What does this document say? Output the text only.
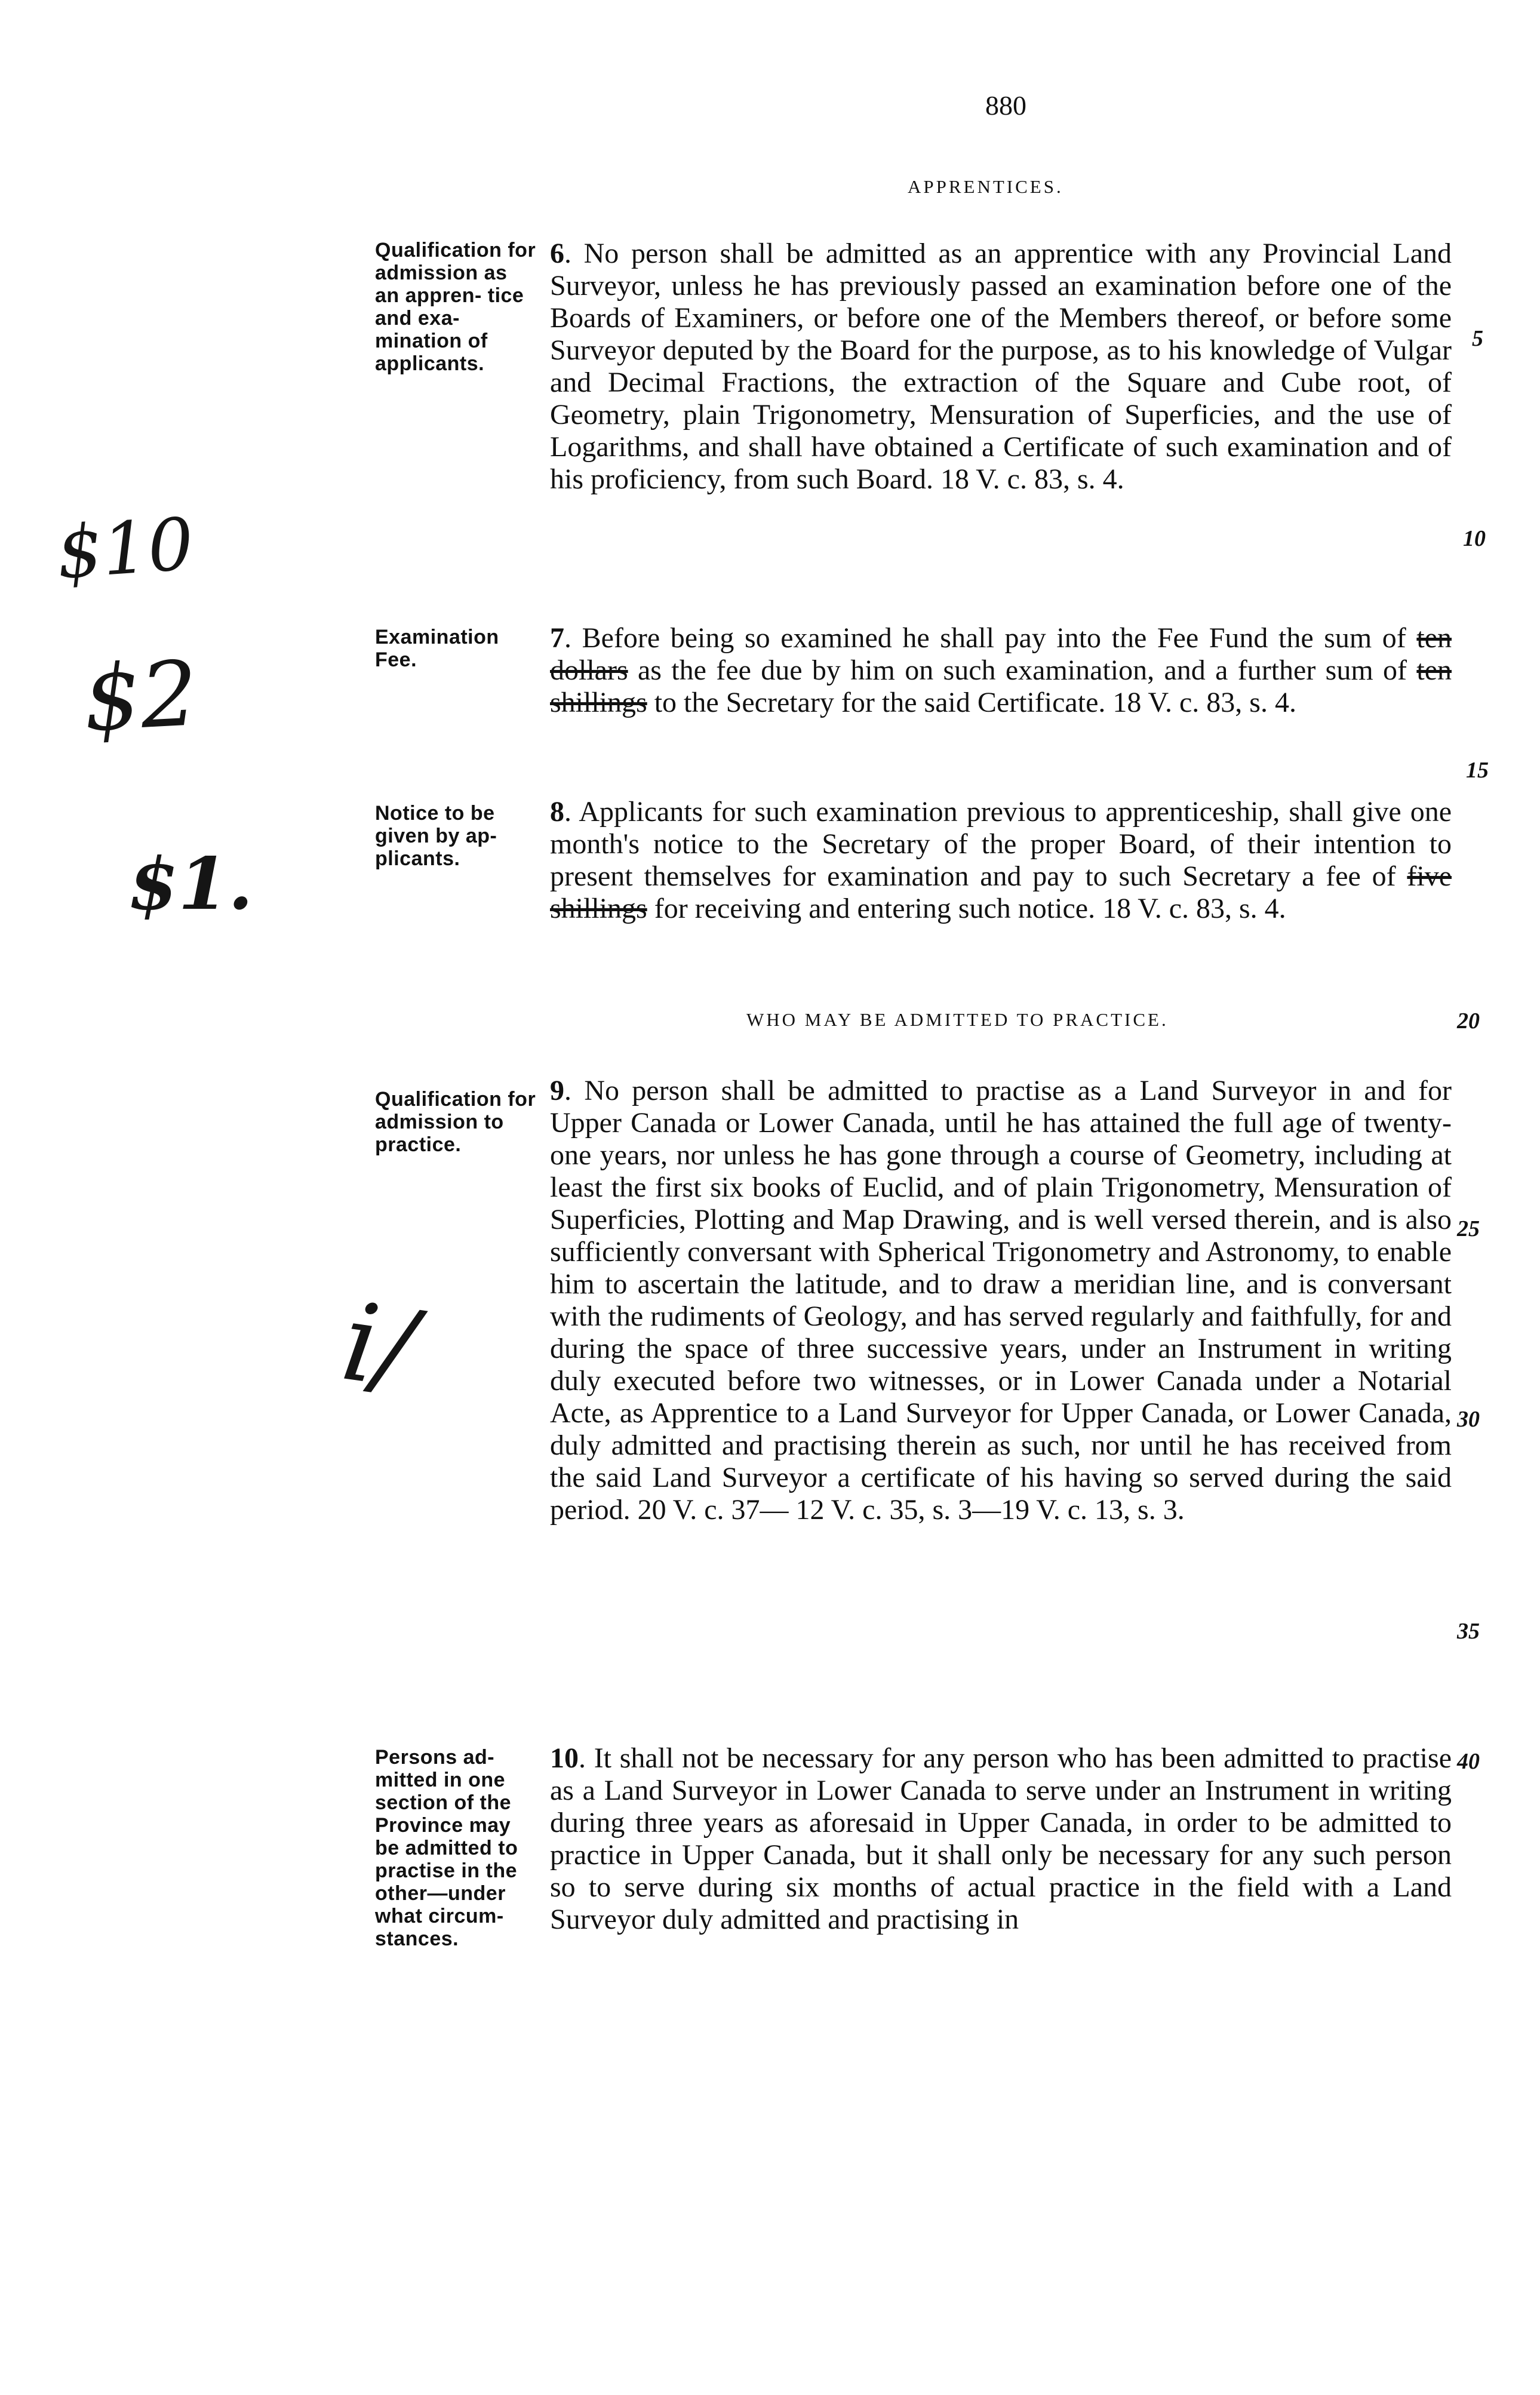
880
APPRENTICES.
WHO MAY BE ADMITTED TO PRACTICE.
Qualification for admission as an appren- tice and exa- mination of applicants.
6. No person shall be admitted as an apprentice with any Provincial Land Surveyor, unless he has previously passed an examination before one of the Boards of Examiners, or before one of the Members thereof, or before some Surveyor deputed by the Board for the purpose, as to his knowledge of Vulgar and Decimal Fractions, the extraction of the Square and Cube root, of Geometry, plain Trigonometry, Mensuration of Superficies, and the use of Logarithms, and shall have obtained a Certificate of such examination and of his proficiency, from such Board. 18 V. c. 83, s. 4.
Examination Fee.
7. Before being so examined he shall pay into the Fee Fund the sum of ten dollars as the fee due by him on such examination, and a further sum of ten shillings to the Secretary for the said Certificate. 18 V. c. 83, s. 4.
Notice to be given by ap- plicants.
8. Applicants for such examination previous to apprenticeship, shall give one month's notice to the Secretary of the proper Board, of their intention to present themselves for examination and pay to such Secretary a fee of five shillings for receiving and entering such notice. 18 V. c. 83, s. 4.
Qualification for admission to practice.
9. No person shall be admitted to practise as a Land Surveyor in and for Upper Canada or Lower Canada, until he has attained the full age of twenty-one years, nor unless he has gone through a course of Geometry, including at least the first six books of Euclid, and of plain Trigonometry, Mensuration of Superficies, Plotting and Map Drawing, and is well versed therein, and is also sufficiently conversant with Spherical Trigonometry and Astronomy, to enable him to ascertain the latitude, and to draw a meridian line, and is conversant with the rudiments of Geology, and has served regularly and faithfully, for and during the space of three successive years, under an Instrument in writing duly executed before two witnesses, or in Lower Canada under a Notarial Acte, as Apprentice to a Land Surveyor for Upper Canada, or Lower Canada, duly admitted and practising therein as such, nor until he has received from the said Land Surveyor a certificate of his having so served during the said period. 20 V. c. 37— 12 V. c. 35, s. 3—19 V. c. 13, s. 3.
Persons ad- mitted in one section of the Province may be admitted to practise in the other—under what circum- stances.
10. It shall not be necessary for any person who has been admitted to practise as a Land Surveyor in Lower Canada to serve under an Instrument in writing during three years as aforesaid in Upper Canada, in order to be admitted to practice in Upper Canada, but it shall only be necessary for any such person so to serve during six months of actual practice in the field with a Land Surveyor duly admitted and practising in
5
10
15
20
25
30
35
40
$10
$2
$1.
i/
